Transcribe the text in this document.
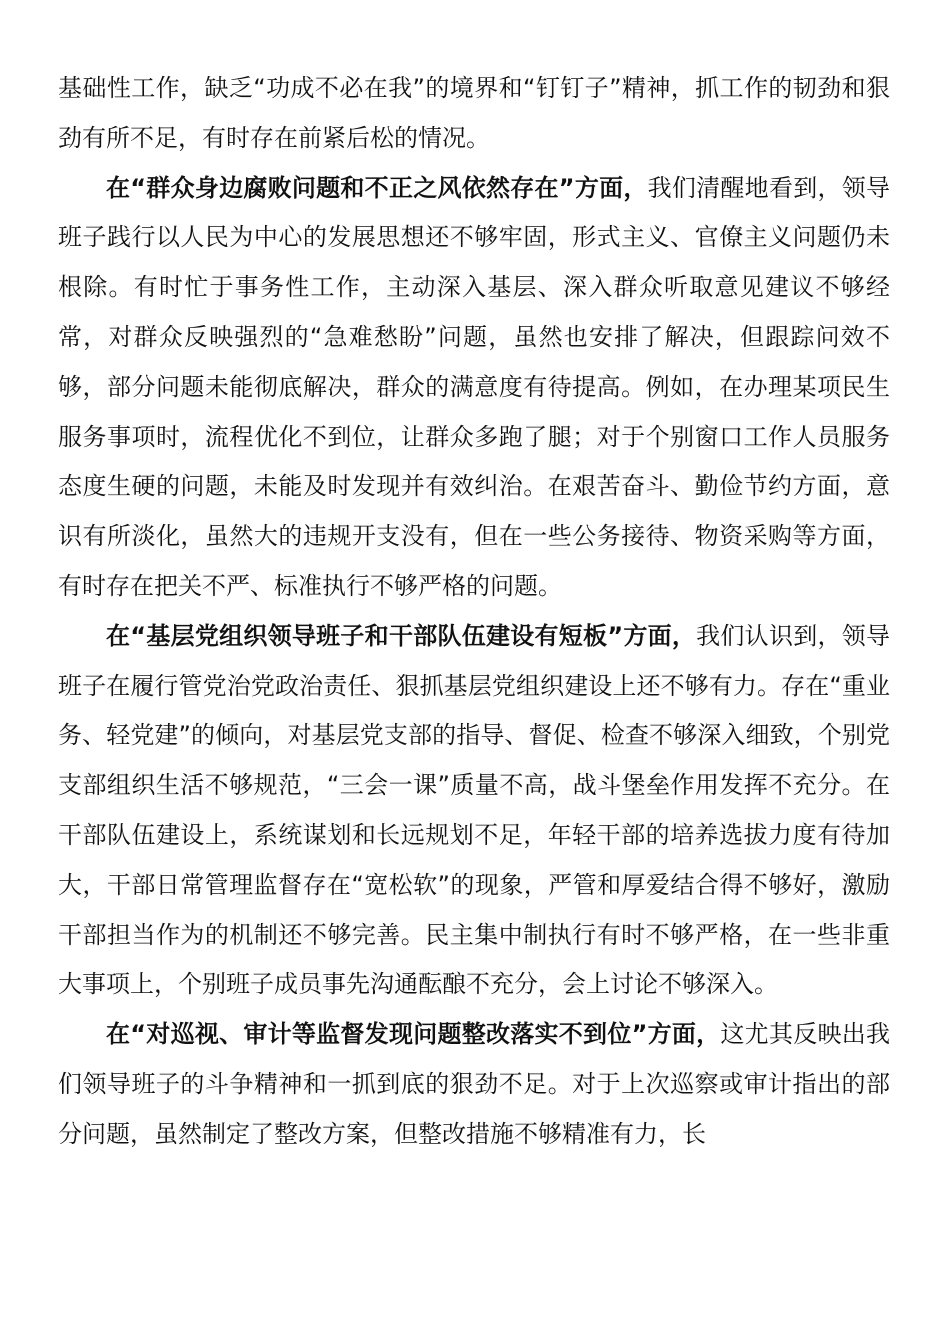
基础性工作，缺乏“功成不必在我”的境界和“钉钉子”精神，抓工作的韧劲和狠劲有所不足，有时存在前紧后松的情况。

在“群众身边腐败问题和不正之风依然存在”方面，我们清醒地看到，领导班子践行以人民为中心的发展思想还不够牢固，形式主义、官僚主义问题仍未根除。有时忙于事务性工作，主动深入基层、深入群众听取意见建议不够经常，对群众反映强烈的“急难愁盼”问题，虽然也安排了解决，但跟踪问效不够，部分问题未能彻底解决，群众的满意度有待提高。例如，在办理某项民生服务事项时，流程优化不到位，让群众多跑了腿；对于个别窗口工作人员服务态度生硬的问题，未能及时发现并有效纠治。在艰苦奋斗、勤俭节约方面，意识有所淡化，虽然大的违规开支没有，但在一些公务接待、物资采购等方面，有时存在把关不严、标准执行不够严格的问题。

在“基层党组织领导班子和干部队伍建设有短板”方面，我们认识到，领导班子在履行管党治党政治责任、狠抓基层党组织建设上还不够有力。存在“重业务、轻党建”的倾向，对基层党支部的指导、督促、检查不够深入细致，个别党支部组织生活不够规范，“三会一课”质量不高，战斗堡垒作用发挥不充分。在干部队伍建设上，系统谋划和长远规划不足，年轻干部的培养选拔力度有待加大，干部日常管理监督存在“宽松软”的现象，严管和厚爱结合得不够好，激励干部担当作为的机制还不够完善。民主集中制执行有时不够严格，在一些非重大事项上，个别班子成员事先沟通酝酿不充分，会上讨论不够深入。

在“对巡视、审计等监督发现问题整改落实不到位”方面，这尤其反映出我们领导班子的斗争精神和一抓到底的狠劲不足。对于上次巡察或审计指出的部分问题，虽然制定了整改方案，但整改措施不够精准有力，长
